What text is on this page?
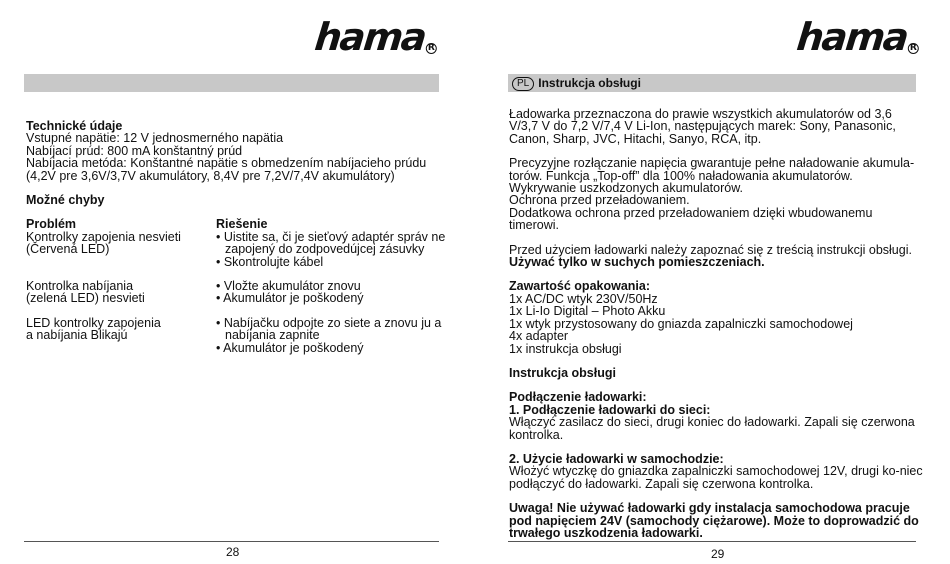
hamaR

Technické údaje

Vstupné napätie: 12 V jednosmerného napätia

Nabíjací prúd: 800 mA konštantný prúd

Nabíjacia metóda: Konštantné napätie s obmedzením nabíjacieho prúdu

(4,2V pre 3,6V/3,7V akumulátory, 8,4V pre 7,2V/7,4V akumulátory)

Možné chyby

Problém	Riešenie

Kontrolky zapojenia nesvieti

(Červená LED)

• Uistite sa, či je sieťový adaptér správ ne zapojený do zodpovedújcej zásuvky

• Skontrolujte kábel

Kontrolka nabíjania

(zelená LED) nesvieti

• Vložte akumulátor znovu

• Akumulátor je poškodený

LED kontrolky zapojenia

a nabíjania Blikajú

• Nabíjačku odpojte zo siete a znovu ju a nabíjania zapnite

• Akumulátor je poškodený

28
hamaR
PL Instrukcja obsługi

Ładowarka przeznaczona do prawie wszystkich akumulatorów od 3,6 V/3,7 V do 7,2 V/7,4 V Li-Ion, następujących marek: Sony, Panasonic, Canon, Sharp, JVC, Hitachi, Sanyo, RCA, itp.

Precyzyjne rozłączanie napięcia gwarantuje pełne naładowanie akumula-torów. Funkcja „Top-off” dla 100% naładowania akumulatorów.

Wykrywanie uszkodzonych akumulatorów.

Ochrona przed przeładowaniem.

Dodatkowa ochrona przed przeładowaniem dzięki wbudowanemu timerowi.

Przed użyciem ładowarki należy zapoznać się z treścią instrukcji obsługi.

Używać tylko w suchych pomieszczeniach.

Zawartość opakowania:

1x AC/DC wtyk 230V/50Hz

1x Li-Io Digital – Photo Akku

1x wtyk przystosowany do gniazda zapalniczki samochodowej

4x adapter

1x instrukcja obsługi

Instrukcja obsługi

Podłączenie ładowarki:

1. Podłączenie ładowarki do sieci:

Włączyć zasilacz do sieci, drugi koniec do ładowarki. Zapali się czerwona kontrolka.

2. Użycie ładowarki w samochodzie:

Włożyć wtyczkę do gniazdka zapalniczki samochodowej 12V, drugi ko-niec podłączyć do ładowarki. Zapali się czerwona kontrolka.

Uwaga! Nie używać ładowarki gdy instalacja samochodowa pracuje pod napięciem 24V (samochody ciężarowe). Może to doprowadzić do trwałego uszkodzenia ładowarki.

29
